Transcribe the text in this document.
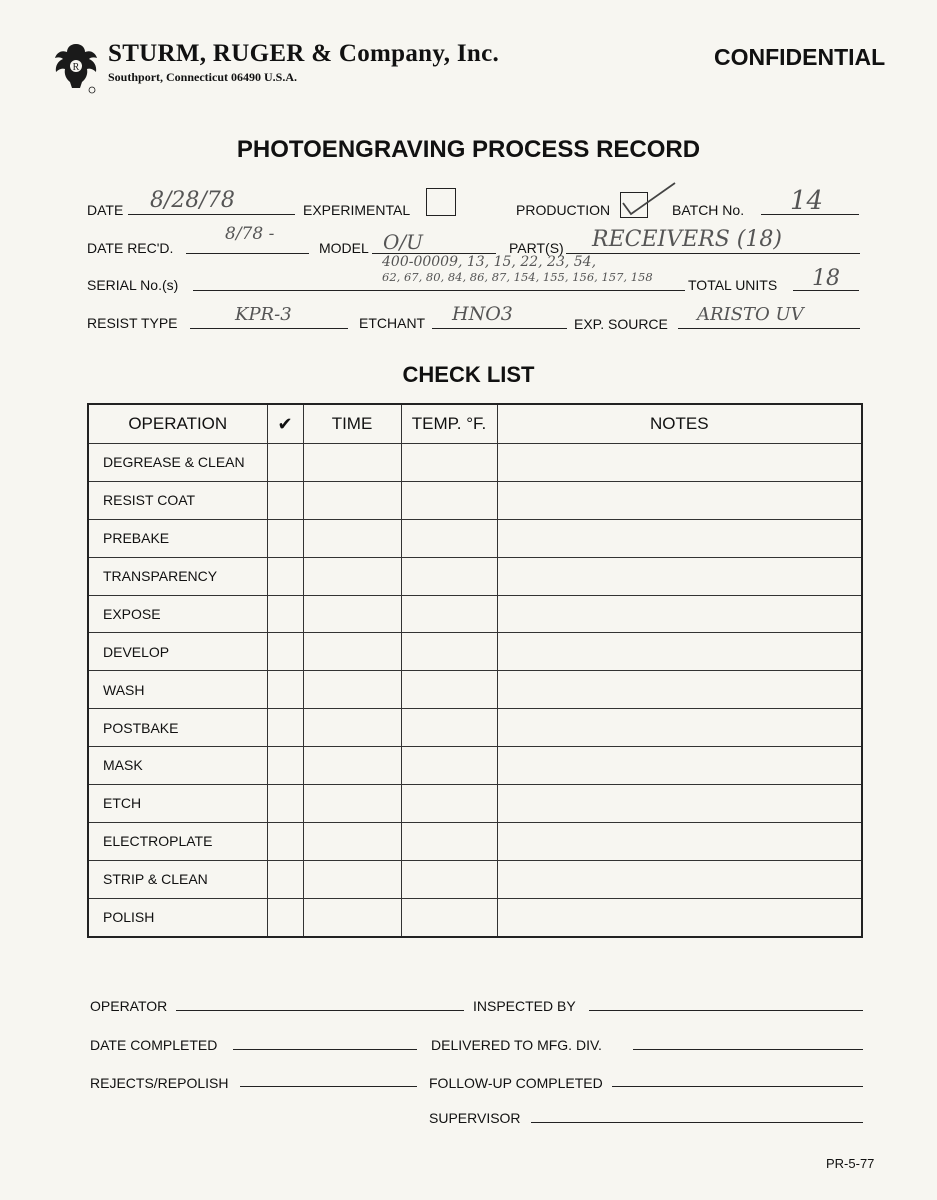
R
STURM, RUGER & Company, Inc.
Southport, Connecticut 06490 U.S.A.
CONFIDENTIAL
PHOTOENGRAVING PROCESS RECORD
DATE 8/28/78	EXPERIMENTAL	PRODUCTION	BATCH No. 14
DATE REC'D.
8/78 -
MODEL O/U	PART(S) RECEIVERS (18)
SERIAL No.(s)
400-00009, 13, 15, 22, 23, 54,
62, 67, 80, 84, 86, 87, 154, 155, 156, 157, 158	TOTAL UNITS 18
RESIST TYPE	KPR-3	ETCHANT HNO3	EXP. SOURCE ARISTO UV
CHECK LIST
OPERATION	✔	TIME	TEMP. °F.	NOTES
DEGREASE & CLEAN				
RESIST COAT				
PREBAKE				
TRANSPARENCY				
EXPOSE				
DEVELOP				
WASH				
POSTBAKE				
MASK				
ETCH				
ELECTROPLATE				
STRIP & CLEAN				
POLISH				
OPERATOR	INSPECTED BY
DATE COMPLETED	DELIVERED TO MFG. DIV.
REJECTS/REPOLISH	FOLLOW-UP COMPLETED
SUPERVISOR
PR-5-77
